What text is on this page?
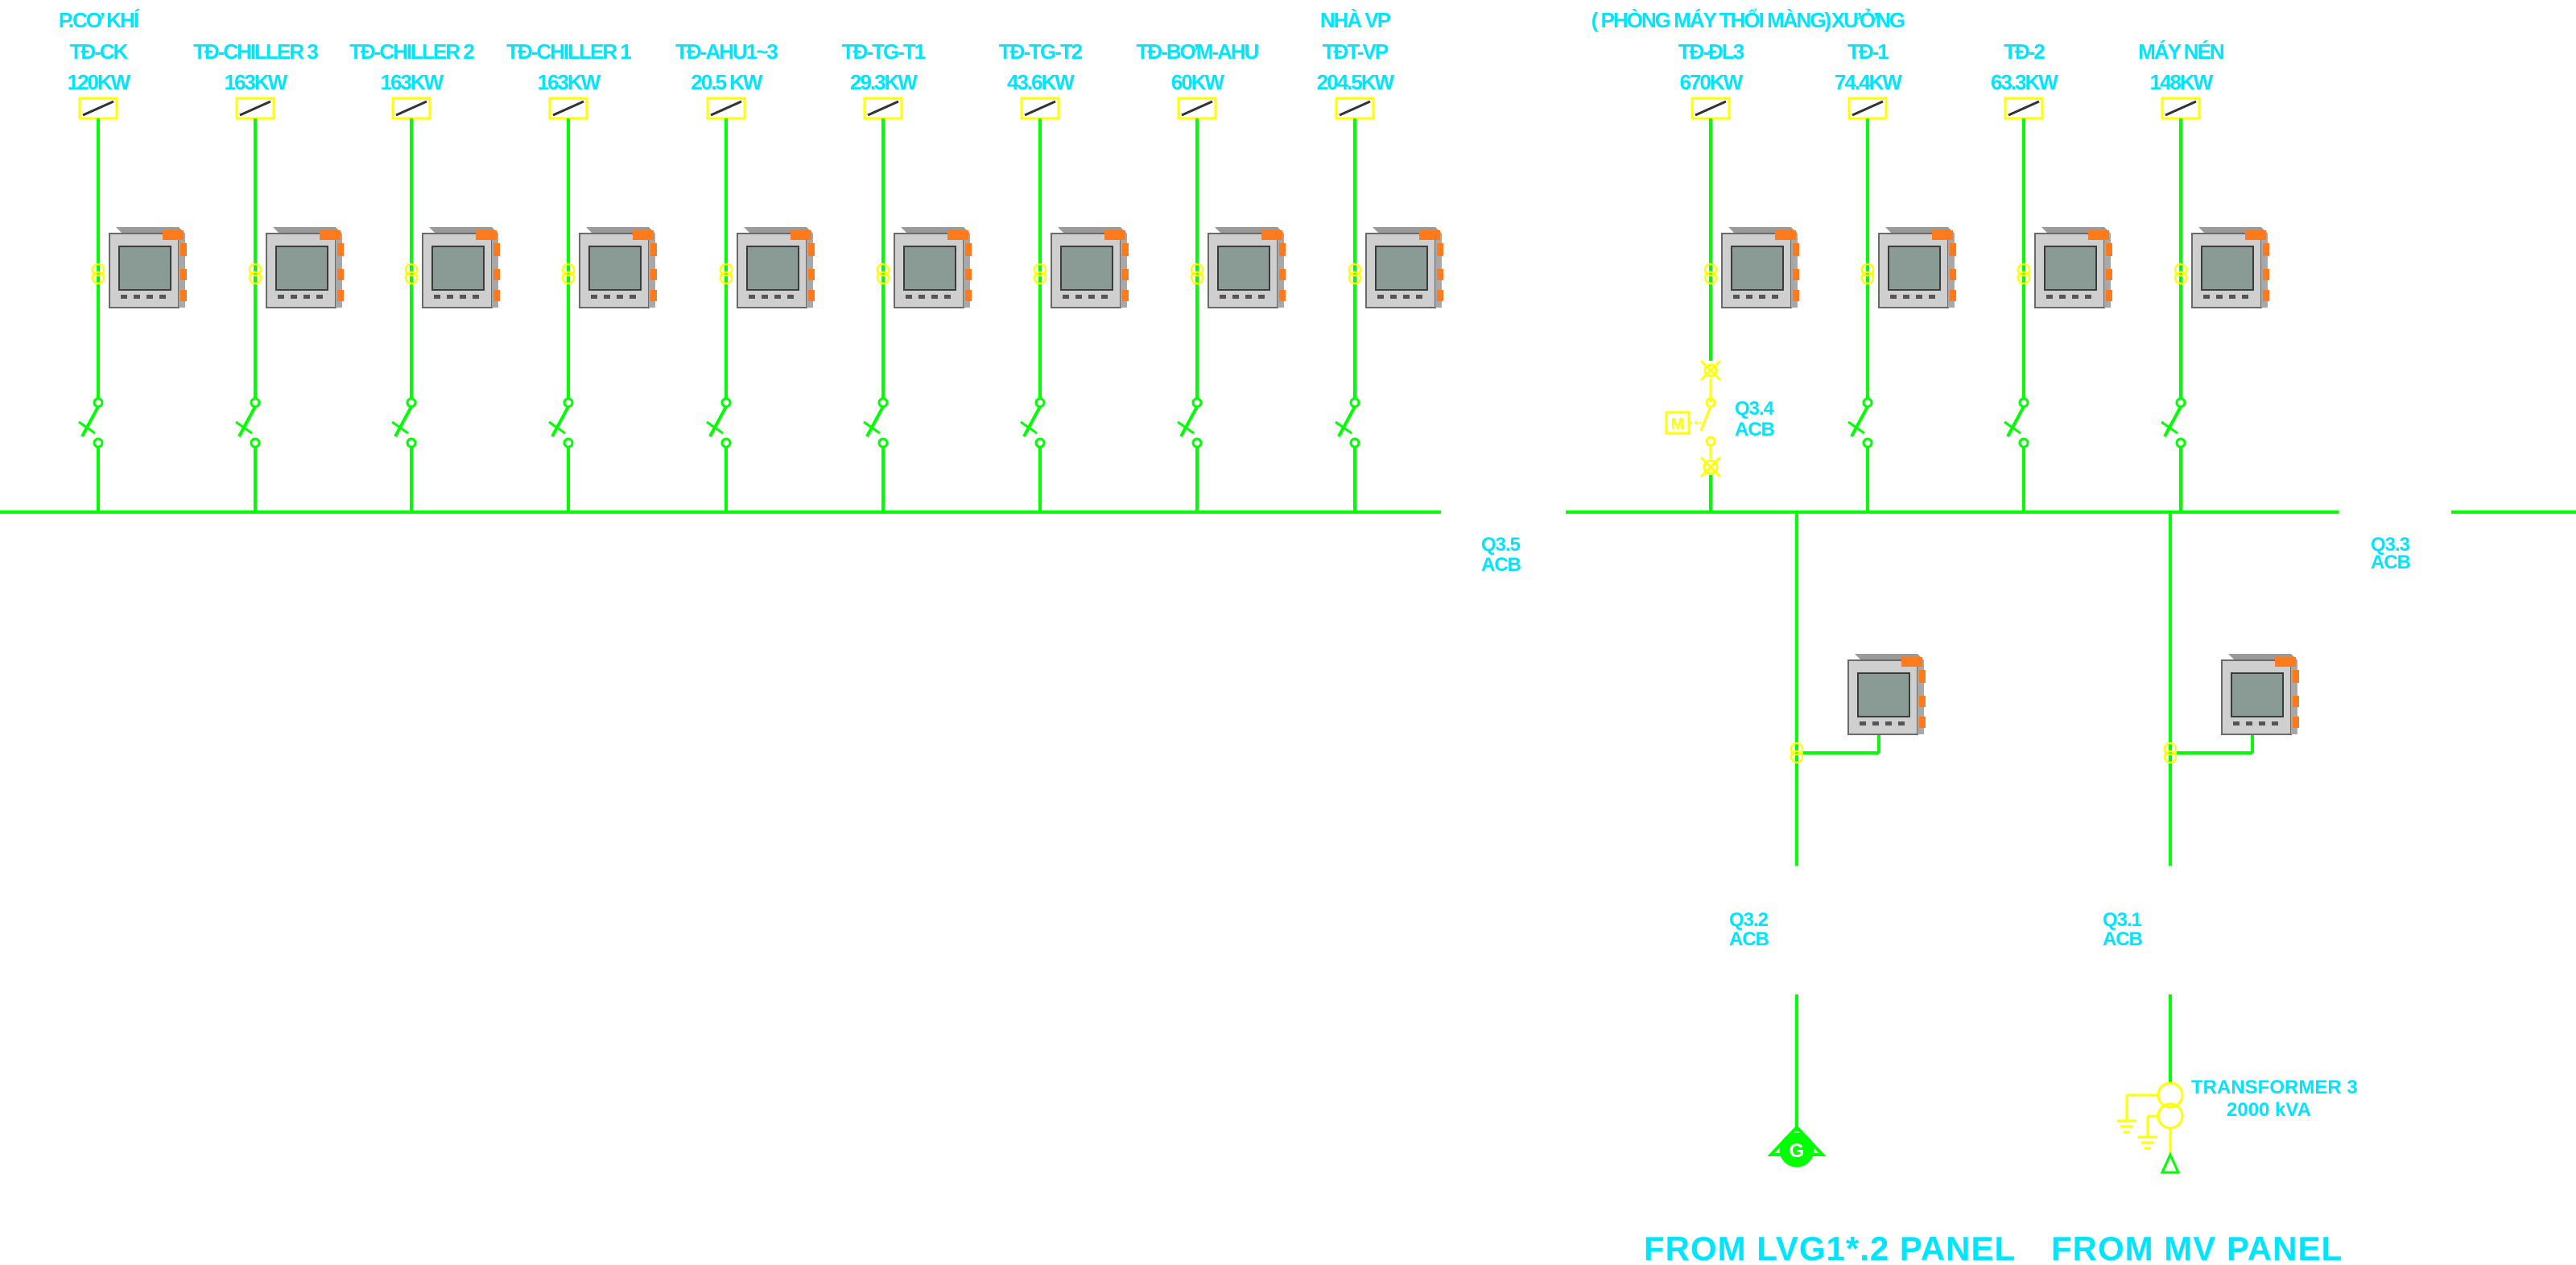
P.CƠ KHÍ
TĐ-CK
120KW
TĐ-CHILLER 3
163KW
TĐ-CHILLER 2
163KW
TĐ-CHILLER 1
163KW
TĐ-AHU1~3
20.5 KW
TĐ-TG-T1
29.3KW
TĐ-TG-T2
43.6KW
TĐ-BƠM-AHU
60KW
NHÀ VP
TĐT-VP
204.5KW
( PHÒNG MÁY THỔI MÀNG)
TĐ-ĐL3
670KW
XƯỞNG
TĐ-1
74.4KW
TĐ-2
63.3KW
MÁY NÉN
148KW
M
Q3.4
ACB
Q3.5
ACB
Q3.3
ACB
Q3.2
ACB
G
Q3.1
ACB
TRANSFORMER 3
2000 kVA
FROM LVG1*.2 PANEL FROM MV PANEL
